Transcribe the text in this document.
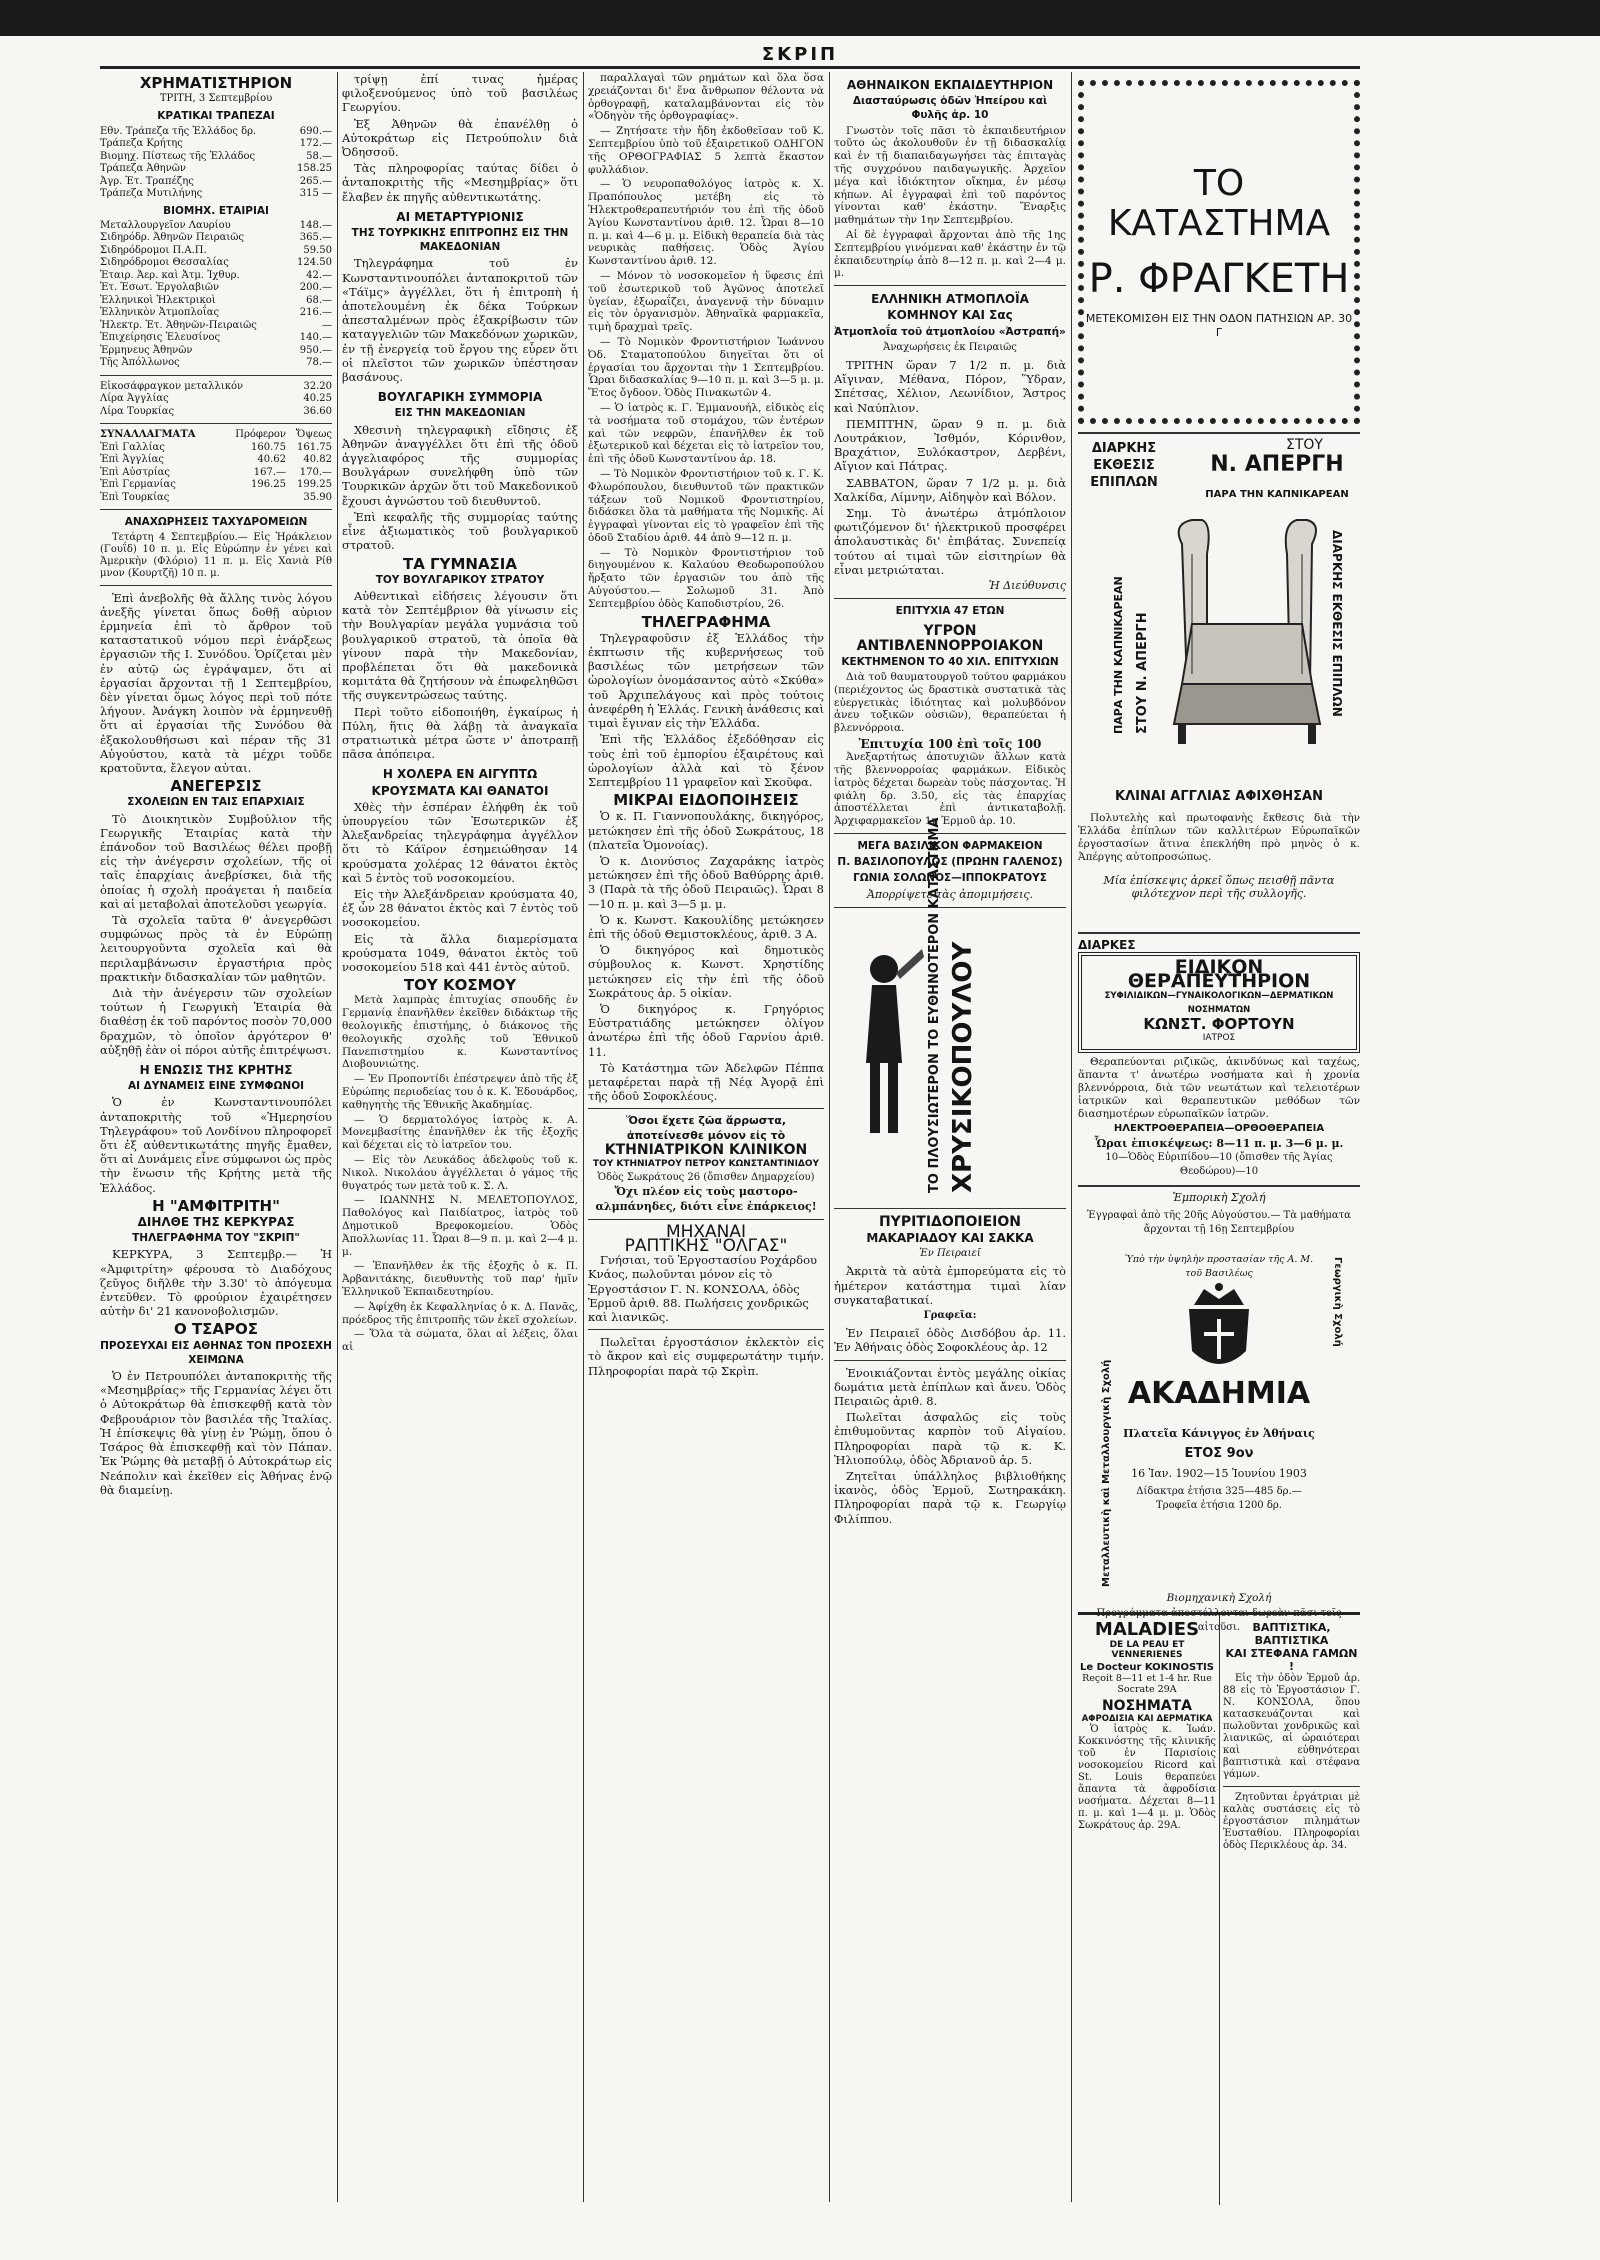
ΣΚΡΙΠ
ΧΡΗΜΑΤΙΣΤΗΡΙΟΝ
ΤΡΙΤΗ, 3 Σεπτεμβρίου
ΚΡΑΤΙΚΑΙ ΤΡΑΠΕΖΑΙ
Εθν. Τράπεζα τῆς Ἑλλάδος δρ.	690.—
Τράπεζα Κρήτης	172.—
Βιομηχ. Πίστεως τῆς Ἑλλάδος	58.—
Τράπεζα Ἀθηνῶν	158.25
Ἀγρ. Ἑτ. Τραπέζης	265.—
Τράπεζα Μυτιλήνης	315 —
ΒΙΟΜΗΧ. ΕΤΑΙΡΙΑΙ
Μεταλλουργεῖον Λαυρίου	148.—
Σιδηρόδρ. Ἀθηνῶν Πειραιῶς	365.—
Σιδηρόδρομοι Π.Α.Π.	59.50
Σιδηρόδρομοι Θεσσαλίας	124.50
Ἑταιρ. Ἀερ. καὶ Ἀτμ. Ἰχθυρ.	42.—
Ἑτ. Ἐσωτ. Ἐργολαβιῶν	200.—
Ἑλληνικοὶ Ἠλεκτρικοὶ	68.—
Ἑλληνικὸν Ἀτμοπλοΐας	216.—
Ἠλεκτρ. Ἑτ. Ἀθηνῶν-Πειραιῶς	—
Ἐπιχείρησις Ἐλευσίνος	140.—
Ἑρμηνευς Ἀθηνῶν	950.—
Τῆς Ἀπόλλωνος	78.—
Εἰκοσάφραγκον μεταλλικόν	32.20
Λίρα Ἀγγλίας	40.25
Λίρα Τουρκίας	36.60
ΣΥΝΑΛΛΑΓΜΑΤΑ	Πρόφερον	Ὄψεως
Ἐπὶ Γαλλίας	160.75	161.75
Ἐπὶ Ἀγγλίας	40.62	40.82
Ἐπὶ Αὐστρίας	167.—	170.—
Ἐπὶ Γερμανίας	196.25	199.25
Ἐπὶ Τουρκίας		35.90
ΑΝΑΧΩΡΗΣΕΙΣ ΤΑΧΥΔΡΟΜΕΙΩΝ

Τετάρτη 4 Σεπτεμβρίου.— Εἰς Ἡράκλειον (Γουΐδ) 10 π. μ. Εἰς Εὐρώπην ἐν γένει καὶ Ἀμερικὴν (Φλόριο) 11 π. μ. Εἰς Χανιὰ Ρίθ μνον (Κουρτζῆ) 10 π. μ.

Ἐπὶ ἀνεβολῆς θὰ ἄλλης τινὸς λόγου ἀνεξῆς γίνεται ὅπως δοθῇ αὐριον ἑρμηνεία ἐπὶ τὸ ἄρθρον τοῦ καταστατικοῦ νόμου περὶ ἐνάρξεως ἐργασιῶν τῆς Ι. Συνόδου. Ὁρίζεται μὲν ἐν αὐτῷ ὡς ἐγράψαμεν, ὅτι αἱ ἐργασίαι ἄρχονται τῇ 1 Σεπτεμβρίου, δὲν γίνεται ὅμως λόγος περὶ τοῦ πότε λήγουν. Ἀνάγκη λοιπὸν νὰ ἑρμηνευθῇ ὅτι αἱ ἐργασίαι τῆς Συνόδου θὰ ἐξακολουθήσωσι καὶ πέραν τῆς 31 Αὐγούστου, κατὰ τὰ μέχρι τοῦδε κρατοῦντα, ἔλεγον αὐται.

ΑΝΕΓΕΡΣΙΣ
ΣΧΟΛΕΙΩΝ ΕΝ ΤΑΙΣ ΕΠΑΡΧΙΑΙΣ

Τὸ Διοικητικὸν Συμβούλιον τῆς Γεωργικῆς Ἑταιρίας κατὰ τὴν ἐπάνοδον τοῦ Βασιλέως θέλει προβῇ εἰς τὴν ἀνέγερσιν σχολείων, τῆς οἱ ταῖς ἐπαρχίαις ἀνεβρίσκει, διὰ τῆς ὁποίας ἡ σχολὴ προάγεται ἡ παιδεία καὶ αἱ μεταβολαὶ ἀποτελοῦσι γεωργία.

Τὰ σχολεῖα ταῦτα θ' ἀνεγερθῶσι συμφώνως πρὸς τὰ ἐν Εὐρώπῃ λειτουργοῦντα σχολεῖα καὶ θὰ περιλαμβάνωσιν ἐργαστήρια πρὸς πρακτικὴν διδασκαλίαν τῶν μαθητῶν.

Διὰ τὴν ἀνέγερσιν τῶν σχολείων τούτων ἡ Γεωργικὴ Ἑταιρία θὰ διαθέσῃ ἐκ τοῦ παρόντος ποσὸν 70,000 δραχμῶν, τὸ ὁποῖον ἀργότερον θ' αὐξηθῇ ἐὰν οἱ πόροι αὐτῆς ἐπιτρέψωσι.

Η ΕΝΩΣΙΣ ΤΗΣ ΚΡΗΤΗΣ
ΑΙ ΔΥΝΑΜΕΙΣ ΕΙΝΕ ΣΥΜΦΩΝΟΙ

Ὁ ἐν Κωνσταντινουπόλει ἀνταποκριτὴς τοῦ «Ἡμερησίου Τηλεγράφου» τοῦ Λονδίνου πληροφορεῖ ὅτι ἐξ αὐθεντικωτάτης πηγῆς ἔμαθεν, ὅτι αἱ Δυνάμεις εἶνε σύμφωνοι ὡς πρὸς τὴν ἕνωσιν τῆς Κρήτης μετὰ τῆς Ἑλλάδος.

Η "ΑΜΦΙΤΡΙΤΗ"
ΔΙΗΛΘΕ ΤΗΣ ΚΕΡΚΥΡΑΣ
ΤΗΛΕΓΡΑΦΗΜΑ ΤΟΥ "ΣΚΡΙΠ"

ΚΕΡΚΥΡΑ, 3 Σεπτεμβρ.— Ἡ «Ἀμφιτρίτη» φέρουσα τὸ Διαδόχους ζεῦγος διῆλθε τὴν 3.30' τὸ ἀπόγευμα ἐντεῦθεν. Τὸ φρούριον ἐχαιρέτησεν αὐτὴν δι' 21 κανονοβολισμῶν.

Ο ΤΣΑΡΟΣ
ΠΡΟΣΕΥΧΑΙ ΕΙΣ ΑΘΗΝΑΣ ΤΟΝ ΠΡΟΣΕΧΗ ΧΕΙΜΩΝΑ

Ὁ ἐν Πετρουπόλει ἀνταποκριτὴς τῆς «Μεσημβρίας» τῆς Γερμανίας λέγει ὅτι ὁ Αὐτοκράτωρ θὰ ἐπισκεφθῇ κατὰ τὸν Φεβρουάριον τὸν βασιλέα τῆς Ἰταλίας. Ἡ ἐπίσκεψις θὰ γίνῃ ἐν Ῥώμῃ, ὅπου ὁ Τσάρος θὰ ἐπισκεφθῇ καὶ τὸν Πάπαν. Ἐκ Ῥώμης θὰ μεταβῇ ὁ Αὐτοκράτωρ εἰς Νεάπολιν καὶ ἐκεῖθεν εἰς Ἀθήνας ἐνῷ θὰ διαμείνῃ.

τρίψῃ ἐπί τινας ἡμέρας φιλοξενούμενος ὑπὸ τοῦ βασιλέως Γεωργίου.

Ἐξ Ἀθηνῶν θὰ ἐπανέλθῃ ὁ Αὐτοκράτωρ εἰς Πετρούπολιν διὰ Ὀδησσοῦ.

Τὰς πληροφορίας ταύτας δίδει ὁ ἀνταποκριτὴς τῆς «Μεσημβρίας» ὅτι ἔλαβεν ἐκ πηγῆς αὐθεντικωτάτης.

ΑΙ ΜΕΤΑΡΤΥΡΙΟΝΙΣ
ΤΗΣ ΤΟΥΡΚΙΚΗΣ ΕΠΙΤΡΟΠΗΣ ΕΙΣ ΤΗΝ ΜΑΚΕΔΟΝΙΑΝ

Τηλεγράφημα τοῦ ἐν Κωνσταντινουπόλει ἀνταποκριτοῦ τῶν «Τάϊμς» ἀγγέλλει, ὅτι ἡ ἐπιτροπὴ ἡ ἀποτελουμένη ἐκ δέκα Τούρκων ἀπεσταλμένων πρὸς ἐξακρίβωσιν τῶν καταγγελιῶν τῶν Μακεδόνων χωρικῶν, ἐν τῇ ἐνεργείᾳ τοῦ ἔργου της εὗρεν ὅτι οἱ πλεῖστοι τῶν χωρικῶν ὑπέστησαν βασάνους.

ΒΟΥΛΓΑΡΙΚΗ ΣΥΜΜΟΡΙΑ
ΕΙΣ ΤΗΝ ΜΑΚΕΔΟΝΙΑΝ

Χθεσινὴ τηλεγραφικὴ εἴδησις ἐξ Ἀθηνῶν ἀναγγέλλει ὅτι ἐπὶ τῆς ὁδοῦ ἀγγελιαφόρος τῆς συμμορίας Βουλγάρων συνελήφθη ὑπὸ τῶν Τουρκικῶν ἀρχῶν ὅτι τοῦ Μακεδονικοῦ ἔχουσι ἀγνώστου τοῦ διευθυντοῦ.

Ἐπὶ κεφαλῆς τῆς συμμορίας ταύτης εἶνε ἀξιωματικὸς τοῦ βουλγαρικοῦ στρατοῦ.

ΤΑ ΓΥΜΝΑΣΙΑ
ΤΟΥ ΒΟΥΛΓΑΡΙΚΟΥ ΣΤΡΑΤΟΥ

Αὐθεντικαὶ εἰδήσεις λέγουσιν ὅτι κατὰ τὸν Σεπτέμβριον θὰ γίνωσιν εἰς τὴν Βουλγαρίαν μεγάλα γυμνάσια τοῦ βουλγαρικοῦ στρατοῦ, τὰ ὁποῖα θὰ γίνουν παρὰ τὴν Μακεδονίαν, προβλέπεται ὅτι θὰ μακεδονικὰ κομιτάτα θὰ ζητήσουν νὰ ἐπωφεληθῶσι τῆς συγκεντρώσεως ταύτης.

Περὶ τοῦτο εἰδοποιήθη, ἐγκαίρως ἡ Πύλη, ἥτις θὰ λάβῃ τὰ ἀναγκαῖα στρατιωτικὰ μέτρα ὥστε ν' ἀποτραπῇ πᾶσα ἀπόπειρα.

Η ΧΟΛΕΡΑ ΕΝ ΑΙΓΥΠΤΩ
ΚΡΟΥΣΜΑΤΑ ΚΑΙ ΘΑΝΑΤΟΙ

Χθὲς τὴν ἑσπέραν ἐλήφθη ἐκ τοῦ ὑπουργείου τῶν Ἐσωτερικῶν ἐξ Ἀλεξανδρείας τηλεγράφημα ἀγγέλλον ὅτι τὸ Κάϊρον ἐσημειώθησαν 14 κρούσματα χολέρας 12 θάνατοι ἐκτὸς καὶ 5 ἐντὸς τοῦ νοσοκομείου.

Εἰς τὴν Ἀλεξάνδρειαν κρούσματα 40, ἐξ ὧν 28 θάνατοι ἐκτὸς καὶ 7 ἐντὸς τοῦ νοσοκομείου.

Εἰς τὰ ἄλλα διαμερίσματα κρούσματα 1049, θάνατοι ἐκτὸς τοῦ νοσοκομείου 518 καὶ 441 ἐντὸς αὐτοῦ.

ΤΟΥ ΚΟΣΜΟΥ

Μετὰ λαμπρὰς ἐπιτυχίας σπουδῆς ἐν Γερμανίᾳ ἐπανῆλθεν ἐκεῖθεν διδάκτωρ τῆς θεολογικῆς ἐπιστήμης, ὁ διάκονος τῆς θεολογικῆς σχολῆς τοῦ Ἐθνικοῦ Πανεπιστημίου κ. Κωνσταντίνος Διοβουνιώτης.

— Ἐν Προποντίδι ἐπέστρεψεν ἀπὸ τῆς ἐξ Εὐρώπης περιοδείας του ὁ κ. Κ. Ἐδουάρδος, καθηγητὴς τῆς Ἐθνικῆς Ἀκαδημίας.

— Ὁ δερματολόγος ἰατρὸς κ. Α. Μονεμβασίτης ἐπανῆλθεν ἐκ τῆς ἐξοχῆς καὶ δέχεται εἰς τὸ ἰατρεῖον του.

— Εἰς τὸν Λευκάδος ἀδελφοὺς τοῦ κ. Νικολ. Νικολάου ἀγγέλλεται ὁ γάμος τῆς θυγατρός των μετὰ τοῦ κ. Σ. Λ.

— ΙΩΑΝΝΗΣ Ν. ΜΕΛΕΤΟΠΟΥΛΟΣ, Παθολόγος καὶ Παιδίατρος, ἰατρὸς τοῦ Δημοτικοῦ Βρεφοκομείου. Ὁδὸς Ἀπολλωνίας 11. Ὧραι 8—9 π. μ. καὶ 2—4 μ. μ.

— Ἐπανῆλθεν ἐκ τῆς ἐξοχῆς ὁ κ. Π. Ἀρβανιτάκης, διευθυντὴς τοῦ παρ' ἡμῖν Ἑλληνικοῦ Ἐκπαιδευτηρίου.

— Ἀφίχθη ἐκ Κεφαλληνίας ὁ κ. Δ. Πανᾶς, πρόεδρος τῆς ἐπιτροπῆς τῶν ἐκεῖ σχολείων.

— Ὅλα τὰ σώματα, ὅλαι αἱ λέξεις, ὅλαι αἱ

παραλλαγαὶ τῶν ρημάτων καὶ ὅλα ὅσα χρειάζονται δι' ἕνα ἄνθρωπον θέλοντα νὰ ὀρθογραφῇ, καταλαμβάνονται εἰς τὸν «Ὁδηγὸν τῆς ὀρθογραφίας».

— Ζητήσατε τὴν ἤδη ἐκδοθεῖσαν τοῦ Κ. Σεπτεμβρίου ὑπὸ τοῦ ἐξαιρετικοῦ ΟΔΗΓΟΝ τῆς ΟΡΘΟΓΡΑΦΙΑΣ 5 λεπτὰ ἕκαστον φυλλάδιον.

— Ὁ νευροπαθολόγος ἰατρὸς κ. Χ. Πραπόπουλος μετέβη εἰς τὸ Ἠλεκτροθεραπευτήριόν του ἐπὶ τῆς ὁδοῦ Ἁγίου Κωνσταντίνου ἀριθ. 12. Ὧραι 8—10 π. μ. καὶ 4—6 μ. μ. Εἰδικὴ θεραπεία διὰ τὰς νευρικὰς παθήσεις. Ὁδὸς Ἁγίου Κωνσταντίνου ἀριθ. 12.

— Μόνον τὸ νοσοκομεῖον ἡ ὕφεσις ἐπὶ τοῦ ἐσωτερικοῦ τοῦ Ἀγῶνος ἀποτελεῖ ὑγείαν, ἐξωραΐζει, ἀναγεννᾷ τὴν δύναμιν εἰς τὸν ὀργανισμὸν. Ἀθηναϊκὰ φαρμακεῖα, τιμὴ δραχμαὶ τρεῖς.

— Τὸ Νομικὸν Φροντιστήριον Ἰωάννου Ὀδ. Σταματοπούλου διηγεῖται ὅτι οἱ ἐργασίαι του ἄρχονται τὴν 1 Σεπτεμβρίου. Ὧραι διδασκαλίας 9—10 π. μ. καὶ 3—5 μ. μ. Ἔτος ὄγδοον. Ὁδὸς Πινακωτῶν 4.

— Ὁ ἰατρὸς κ. Γ. Ἐμμανουήλ, εἰδικὸς εἰς τὰ νοσήματα τοῦ στομάχου, τῶν ἐντέρων καὶ τῶν νεφρῶν, ἐπανῆλθεν ἐκ τοῦ ἐξωτερικοῦ καὶ δέχεται εἰς τὸ ἰατρεῖον του, ἐπὶ τῆς ὁδοῦ Κωνσταντίνου ἀρ. 18.

— Τὸ Νομικὸν Φροντιστήριον τοῦ κ. Γ. Κ. Φλωρόπουλου, διευθυντοῦ τῶν πρακτικῶν τάξεων τοῦ Νομικοῦ Φροντιστηρίου, διδάσκει ὅλα τὰ μαθήματα τῆς Νομικῆς. Αἱ ἐγγραφαὶ γίνονται εἰς τὸ γραφεῖον ἐπὶ τῆς ὁδοῦ Σταδίου ἀριθ. 44 ἀπὸ 9—12 π. μ.

— Τὸ Νομικὸν Φροντιστήριον τοῦ διηγουμένου κ. Καλαύου Θεοδωροπούλου ἤρξατο τῶν ἐργασιῶν του ἀπὸ τῆς Αὐγούστου.— Σολωμοῦ 31. Ἀπὸ Σεπτεμβρίου ὁδὸς Καποδιστρίου, 26.

ΤΗΛΕΓΡΑΦΗΜΑ

Τηλεγραφοῦσιν ἐξ Ἑλλάδος τὴν ἐκπτωσιν τῆς κυβερνήσεως τοῦ βασιλέως τῶν μετρήσεων τῶν ὡρολογίων ὀνομάσαντος αὐτὸ «Σκύθα» τοῦ Ἀρχιπελάγους καὶ πρὸς τούτοις ἀνεφέρθη ἡ Ἑλλάς. Γενικὴ ἀνάθεσις καὶ τιμαὶ ἔγιναν εἰς τὴν Ἑλλάδα.

Ἐπὶ τῆς Ἑλλάδος ἐξεδόθησαν εἰς τοὺς ἐπὶ τοῦ ἐμπορίου ἐξαιρέτους καὶ ὡρολογίων ἀλλὰ καὶ τὸ ξένον Σεπτεμβρίου 11 γραφεῖον καὶ Σκοῦφα.

ΜΙΚΡΑΙ ΕΙΔΟΠΟΙΗΣΕΙΣ

Ὁ κ. Π. Γιαννοπουλάκης, δικηγόρος, μετώκησεν ἐπὶ τῆς ὁδοῦ Σωκράτους, 18 (πλατεῖα Ὁμονοίας).

Ὁ κ. Διονύσιος Ζαχαράκης ἰατρὸς μετώκησεν ἐπὶ τῆς ὁδοῦ Βαθύρρης ἀριθ. 3 (Παρὰ τὰ τῆς ὁδοῦ Πειραιῶς). Ὧραι 8—10 π. μ. καὶ 3—5 μ. μ.

Ὁ κ. Κωνστ. Κακουλίδης μετώκησεν ἐπὶ τῆς ὁδοῦ Θεμιστοκλέους, ἀριθ. 3 Α.

Ὁ δικηγόρος καὶ δημοτικὸς σύμβουλος κ. Κωνστ. Χρηστίδης μετώκησεν εἰς τὴν ἐπὶ τῆς ὁδοῦ Σωκράτους ἀρ. 5 οἰκίαν.

Ὁ δικηγόρος κ. Γρηγόριος Εὐστρατιάδης μετώκησεν ὀλίγον ἀνωτέρω ἐπὶ τῆς ὁδοῦ Γαρνίου ἀριθ. 11.

Τὸ Κατάστημα τῶν Ἀδελφῶν Πέππα μεταφέρεται παρὰ τῇ Νέᾳ Ἀγορᾷ ἐπὶ τῆς ὁδοῦ Σοφοκλέους.

Ὅσοι ἔχετε ζῶα ἄρρωστα, ἀποτείνεσθε μόνον εἰς τὸ
ΚΤΗΝΙΑΤΡΙΚΟΝ ΚΛΙΝΙΚΟΝ
ΤΟΥ ΚΤΗΝΙΑΤΡΟΥ ΠΕΤΡΟΥ ΚΩΝΣΤΑΝΤΙΝΙΔΟΥ
Ὁδὸς Σωκράτους 26 (ὄπισθεν Δημαρχείου)
Ὄχι πλέον εἰς τοὺς μαστορο-αλμπάνηδες, διότι εἶνε ἐπάρκειος!
ΜΗΧΑΝΑΙ
ΡΑΠΤΙΚΗΣ "ΟΛΓΑΣ"

Γνήσιαι, τοῦ Ἐργοστασίου Ροχάρδου Κνάος, πωλοῦνται μόνον εἰς τὸ Ἐργοστάσιον Γ. Ν. ΚΟΝΣΟΛΑ, ὁδὸς Ἑρμοῦ ἀριθ. 88. Πωλήσεις χονδρικῶς καὶ λιανικῶς.

Πωλεῖται ἐργοστάσιον ἐκλεκτὸν εἰς τὸ ἄκρον καὶ εἰς συμφερωτάτην τιμήν. Πληροφορίαι παρὰ τῷ Σκρὶπ.

ΑΘΗΝΑΙΚΟΝ ΕΚΠΑΙΔΕΥΤΗΡΙΟΝ
Διασταύρωσις ὁδῶν Ἠπείρου καὶ Φυλῆς ἀρ. 10

Γνωστὸν τοῖς πᾶσι τὸ ἐκπαιδευτήριον τοῦτο ὡς ἀκολουθοῦν ἐν τῇ διδασκαλίᾳ καὶ ἐν τῇ διαπαιδαγωγήσει τὰς ἐπιταγὰς τῆς συγχρόνου παιδαγωγικῆς. Ἀρχεῖον μέγα καὶ ἰδιόκτητον οἴκημα, ἐν μέσῳ κήπων. Αἱ ἐγγραφαὶ ἐπὶ τοῦ παρόντος γίνονται καθ' ἑκάστην. Ἔναρξις μαθημάτων τὴν 1ην Σεπτεμβρίου.

Αἱ δὲ ἐγγραφαὶ ἄρχονται ἀπὸ τῆς 1ης Σεπτεμβρίου γινόμεναι καθ' ἑκάστην ἐν τῷ ἐκπαιδευτηρίῳ ἀπὸ 8—12 π. μ. καὶ 2—4 μ. μ.

ΕΛΛΗΝΙΚΗ ΑΤΜΟΠΛΟΪΑ
ΚΟΜΗΝΟΥ ΚΑΙ Σας
Ἀτμοπλοΐα τοῦ ἀτμοπλοίου «Ἀστραπή»
Ἀναχωρήσεις ἐκ Πειραιῶς

ΤΡΙΤΗΝ ὥραν 7 1/2 π. μ. διὰ Αἴγιναν, Μέθανα, Πόρον, Ὕδραν, Σπέτσας, Χέλιον, Λεωνίδιον, Ἄστρος καὶ Ναύπλιον.

ΠΕΜΠΤΗΝ, ὥραν 9 π. μ. διὰ Λουτράκιον, Ἰσθμόν, Κόρινθον, Βραχάτιον, Ξυλόκαστρον, Δερβένι, Αἴγιον καὶ Πάτρας.

ΣΑΒΒΑΤΟΝ, ὥραν 7 1/2 μ. μ. διὰ Χαλκίδα, Λίμνην, Αἰδηψὸν καὶ Βόλον.

Σημ. Τὸ ἀνωτέρω ἀτμόπλοιον φωτιζόμενον δι' ἠλεκτρικοῦ προσφέρει ἀπολαυστικὰς δι' ἐπιβάτας. Συνεπείᾳ τούτου αἱ τιμαὶ τῶν εἰσιτηρίων θὰ εἶναι μετριώταται.

Ἡ Διεύθυνσις
ΕΠΙΤΥΧΙΑ 47 ΕΤΩΝ
ΥΓΡΟΝ ΑΝΤΙΒΛΕΝΝΟΡΡΟΙΑΚΟΝ
ΚΕΚΤΗΜΕΝΟΝ ΤΟ 40 ΧΙΛ. ΕΠΙΤΥΧΙΩΝ

Διὰ τοῦ θαυματουργοῦ τούτου φαρμάκου (περιέχοντος ὡς δραστικὰ συστατικὰ τὰς εὐεργετικὰς ἰδιότητας καὶ μολυβδόνον ἀνευ τοξικῶν οὐσιῶν), θεραπεύεται ἡ βλεννόρροια.

Ἐπιτυχία 100 ἐπὶ τοῖς 100

Ἀνεξαρτήτως ἀποτυχιῶν ἄλλων κατὰ τῆς βλεννορροίας φαρμάκων. Εἰδικὸς ἰατρὸς δέχεται δωρεὰν τοὺς πάσχοντας. Ἡ φιάλη δρ. 3.50, εἰς τὰς ἐπαρχίας ἀποστέλλεται ἐπὶ ἀντικαταβολῇ. Ἀρχιφαρμακεῖον 1η Ἐρμοῦ ἀρ. 10.

ΜΕΓΑ ΒΑΣΙΛΙΚΟΝ ΦΑΡΜΑΚΕΙΟΝ
Π. ΒΑΣΙΛΟΠΟΥΛΟΣ (ΠΡΩΗΝ ΓΑΛΕΝΟΣ)
ΓΩΝΙΑ ΣΟΛΩΝΟΣ—ΙΠΠΟΚΡΑΤΟΥΣ
Ἀπορρίψετε τὰς ἀπομιμήσεις.
ΤΟ ΠΛΟΥΣΙΩΤΕΡΟΝ ΤΟ ΕΥΘΗΝΟΤΕΡΟΝ ΚΑΤΑΣΤΗΜΑ ΧΡΥΣΙΚΟΠΟΥΛΟΥ
ΠΥΡΙΤΙΔΟΠΟΙΕΙΟΝ
ΜΑΚΑΡΙΑΔΟΥ ΚΑΙ ΣΑΚΚΑ
Ἐν Πειραιεῖ

Ἀκριτὰ τὰ αὐτὰ ἐμπορεύματα εἰς τὸ ἡμέτερον κατάστημα τιμαὶ λίαν συγκαταβατικαί.

Γραφεῖα:

Ἐν Πειραιεῖ ὁδὸς Δισδόβου ἀρ. 11. Ἐν Ἀθήναις ὁδὸς Σοφοκλέους ἀρ. 12

Ἐνοικιάζονται ἐντὸς μεγάλης οἰκίας δωμάτια μετὰ ἐπίπλων καὶ ἄνευ. Ὁδὸς Πειραιῶς ἀριθ. 8.

Πωλεῖται ἀσφαλῶς εἰς τοὺς ἐπιθυμοῦντας καρπὸν τοῦ Αἰγαίου. Πληροφορίαι παρὰ τῷ κ. Κ. Ἠλιοπούλῳ, ὁδὸς Ἀδριανοῦ ἀρ. 5.

Ζητεῖται ὑπάλληλος βιβλιοθήκης ἱκανὸς, ὁδὸς Ἐρμοῦ, Σωτηρακάκη. Πληροφορίαι παρὰ τῷ κ. Γεωργίῳ Φιλίππου.

ΤΟ ΚΑΤΑΣΤΗΜΑ
Ρ. ΦΡΑΓΚΕΤΗ
ΜΕΤΕΚΟΜΙΣΘΗ ΕΙΣ ΤΗΝ ΟΔΟΝ ΠΑΤΗΣΙΩΝ ΑΡ. 30 Γ
ΔΙΑΡΚΗΣ
ΕΚΘΕΣΙΣ
ΕΠΙΠΛΩΝ
ΣΤΟΥ
Ν. ΑΠΕΡΓΗ
ΠΑΡΑ ΤΗΝ ΚΑΠΝΙΚΑΡΕΑΝ
ΠΑΡΑ ΤΗΝ ΚΑΠΝΙΚΑΡΕΑΝ ΣΤΟΥ Ν. ΑΠΕΡΓΗ	ΔΙΑΡΚΗΣ ΕΚΘΕΣΙΣ ΕΠΙΠΛΩΝ
ΚΛΙΝΑΙ ΑΓΓΛΙΑΣ ΑΦΙΧΘΗΣΑΝ

Πολυτελὴς καὶ πρωτοφανὴς ἔκθεσις διὰ τὴν Ἑλλάδα ἐπίπλων τῶν καλλιτέρων Εὐρωπαϊκῶν ἐργοστασίων ἅτινα ἐπεκλήθη πρὸ μηνὸς ὁ κ. Ἀπέργης αὐτοπροσώπως.

Μία ἐπίσκεψις ἀρκεῖ ὅπως πεισθῇ πᾶντα φιλότεχνον περὶ τῆς συλλογῆς.

ΔΙΑΡΚΕΣ
ΕΙΔΙΚΟΝ ΘΕΡΑΠΕΥΤΗΡΙΟΝ
ΣΥΦΙΛΙΔΙΚΩΝ—ΓΥΝΑΙΚΟΛΟΓΙΚΩΝ—ΔΕΡΜΑΤΙΚΩΝ ΝΟΣΗΜΑΤΩΝ
ΚΩΝΣΤ. ΦΟΡΤΟΥΝ
ΙΑΤΡΟΣ

Θεραπεύονται ριζικῶς, ἀκινδύνως καὶ ταχέως, ἅπαντα τ' ἀνωτέρω νοσήματα καὶ ἡ χρονία βλεννόρροια, διὰ τῶν νεωτάτων καὶ τελειοτέρων ἰατρικῶν καὶ θεραπευτικῶν μεθόδων τῶν διασημοτέρων εὐρωπαϊκῶν ἰατρῶν.

ΗΛΕΚΤΡΟΘΕΡΑΠΕΙΑ—ΟΡΘΟΘΕΡΑΠΕΙΑ
Ὧραι ἐπισκέψεως: 8—11 π. μ. 3—6 μ. μ.
10—Ὁδὸς Εὐριπίδου—10 (ὄπισθεν τῆς Ἁγίας Θεοδώρου)—10
Ἐμπορικὴ Σχολή
Ἐγγραφαὶ ἀπὸ τῆς 20ῆς Αὐγούστου.— Τὰ μαθήματα ἄρχονται τῇ 16ῃ Σεπτεμβρίου
Μεταλλευτικὴ καὶ Μεταλλουργικὴ Σχολή
Γεωργικὴ Σχολή
Ὑπὸ τὴν ὑψηλὴν προστασίαν τῆς Α. Μ. τοῦ Βασιλέως
ΑΚΑΔΗΜΙΑ
Πλατεῖα Κάνιγγος ἐν Ἀθήναις
ΕΤΟΣ 9ον
16 Ἰαν. 1902—15 Ἰουνίου 1903
Δίδακτρα ἐτήσια 325—485 δρ.—Τροφεῖα ἐτήσια 1200 δρ.
Βιομηχανικὴ Σχολή
Προγράμματα ἀποστέλλονται δωρεὰν πᾶσι τοῖς αἰτοῦσι.
MALADIES
DE LA PEAU ET VENNERIENES
Le Docteur KOKINOSTIS
Reçoit 8—11 et 1-4 hr. Rue Socrate 29Α
ΝΟΣΗΜΑΤΑ
ΑΦΡΟΔΙΣΙΑ ΚΑΙ ΔΕΡΜΑΤΙΚΑ

Ὁ ἰατρὸς κ. Ἰωάν. Κοκκινόστης τῆς κλινικῆς τοῦ ἐν Παρισίοις νοσοκομείου Ricord καὶ St. Louis θεραπεύει ἅπαντα τὰ ἀφροδίσια νοσήματα. Δέχεται 8—11 π. μ. καὶ 1—4 μ. μ. Ὁδὸς Σωκράτους ἀρ. 29Α.

ΒΑΠΤΙΣΤΙΚΑ, ΒΑΠΤΙΣΤΙΚΑ
ΚΑΙ ΣΤΕΦΑΝΑ ΓΑΜΩΝ !

Εἰς τὴν ὁδὸν Ἑρμοῦ ἀρ. 88 εἰς τὸ Ἐργοστάσιον Γ. Ν. ΚΟΝΣΟΛΑ, ὅπου κατασκευάζονται καὶ πωλοῦνται χονδρικῶς καὶ λιανικῶς, αἱ ὡραιότεραι καὶ εὐθηνότεραι βαπτιστικὰ καὶ στέφανα γάμων.

Ζητοῦνται ἐργάτριαι μὲ καλὰς συστάσεις εἰς τὸ ἐργοστάσιον πιλημάτων Ἐυσταθίου. Πληροφορίαι ὁδὸς Περικλέους ἀρ. 34.
